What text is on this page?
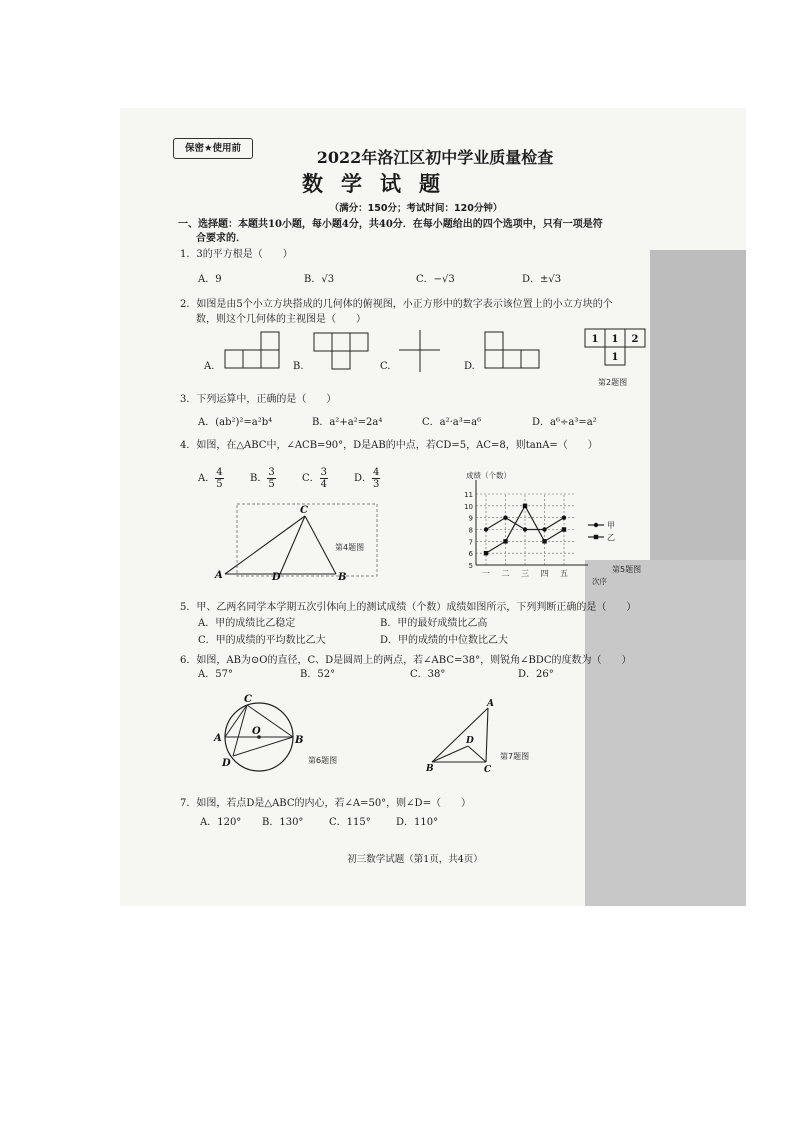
保密★使用前	2022年洛江区初中学业质量检查
数学试题
（满分：150分；考试时间：120分钟）
一、选择题：本题共10小题，每小题4分，共40分．在每小题给出的四个选项中，只有一项是符
合要求的．
1．3的平方根是（　　）
A．9	B．√3	C．−√3	D．±√3
2．如图是由5个小立方块搭成的几何体的俯视图，小正方形中的数字表示该位置上的小立方块的个
数，则这个几何体的主视图是（　　）
A.	B.	C.	D.
1 1 2
1
第2题图
3．下列运算中，正确的是（　　）
A．(ab²)²=a²b⁴	B．a²+a²=2a⁴	C．a²·a³=a⁶	D．a⁶÷a³=a²
4．如图，在△ABC中，∠ACB=90°，D是AB的中点，若CD=5，AC=8，则tanA=（　　）
A． $\frac{4}{5}$	B． $\frac{3}{5}$	C． $\frac{3}{4}$	D． $\frac{4}{3}$
A	B
C
D
第4题图
5
6
7
8
9
10
11
一 二 三 四 五
甲
乙
成绩（个数）
次序
第5题图
5．甲、乙两名同学本学期五次引体向上的测试成绩（个数）成绩如图所示，下列判断正确的是（　　）
A．甲的成绩比乙稳定	B．甲的最好成绩比乙高
C．甲的成绩的平均数比乙大	D．甲的成绩的中位数比乙大
6．如图，AB为⊙O的直径，C、D是圆周上的两点，若∠ABC=38°，则锐角∠BDC的度数为（　　）
A．57°	B．52°	C．38°	D．26°
A	B
C
D
O
第6题图
A
B	C
D
第7题图
7．如图，若点D是△ABC的内心，若∠A=50°，则∠D=（　　）
A．120° B．130°	C．115°	D．110°
初三数学试题（第1页，共4页）
